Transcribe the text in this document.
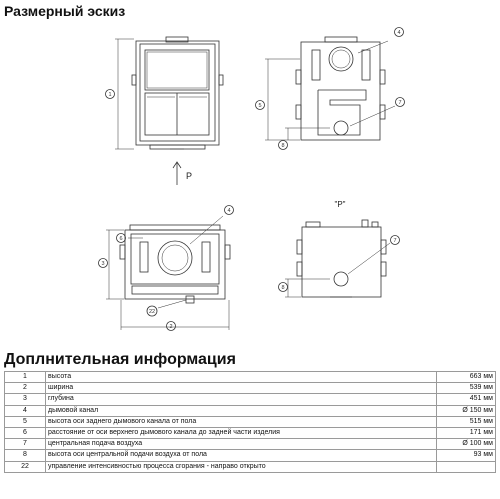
Размерный эскиз
1
4
5	7
8
4
6
3
2
22
7
8
P
"P"
Доплнительная информация
1	высота	663 мм
2	ширина	539 мм
3	глубина	451 мм
4	дымовой канал	Ø 150 мм
5	высота оси заднего дымового канала от пола	515 мм
6	расстояние от оси верхнего дымового канала до задней части изделия	171 мм
7	центральная подача воздуха	Ø 100 мм
8	высота оси центральной подачи воздуха от пола	93 мм
22	управление интенсивностью процесса сгорания - направо открыто	
